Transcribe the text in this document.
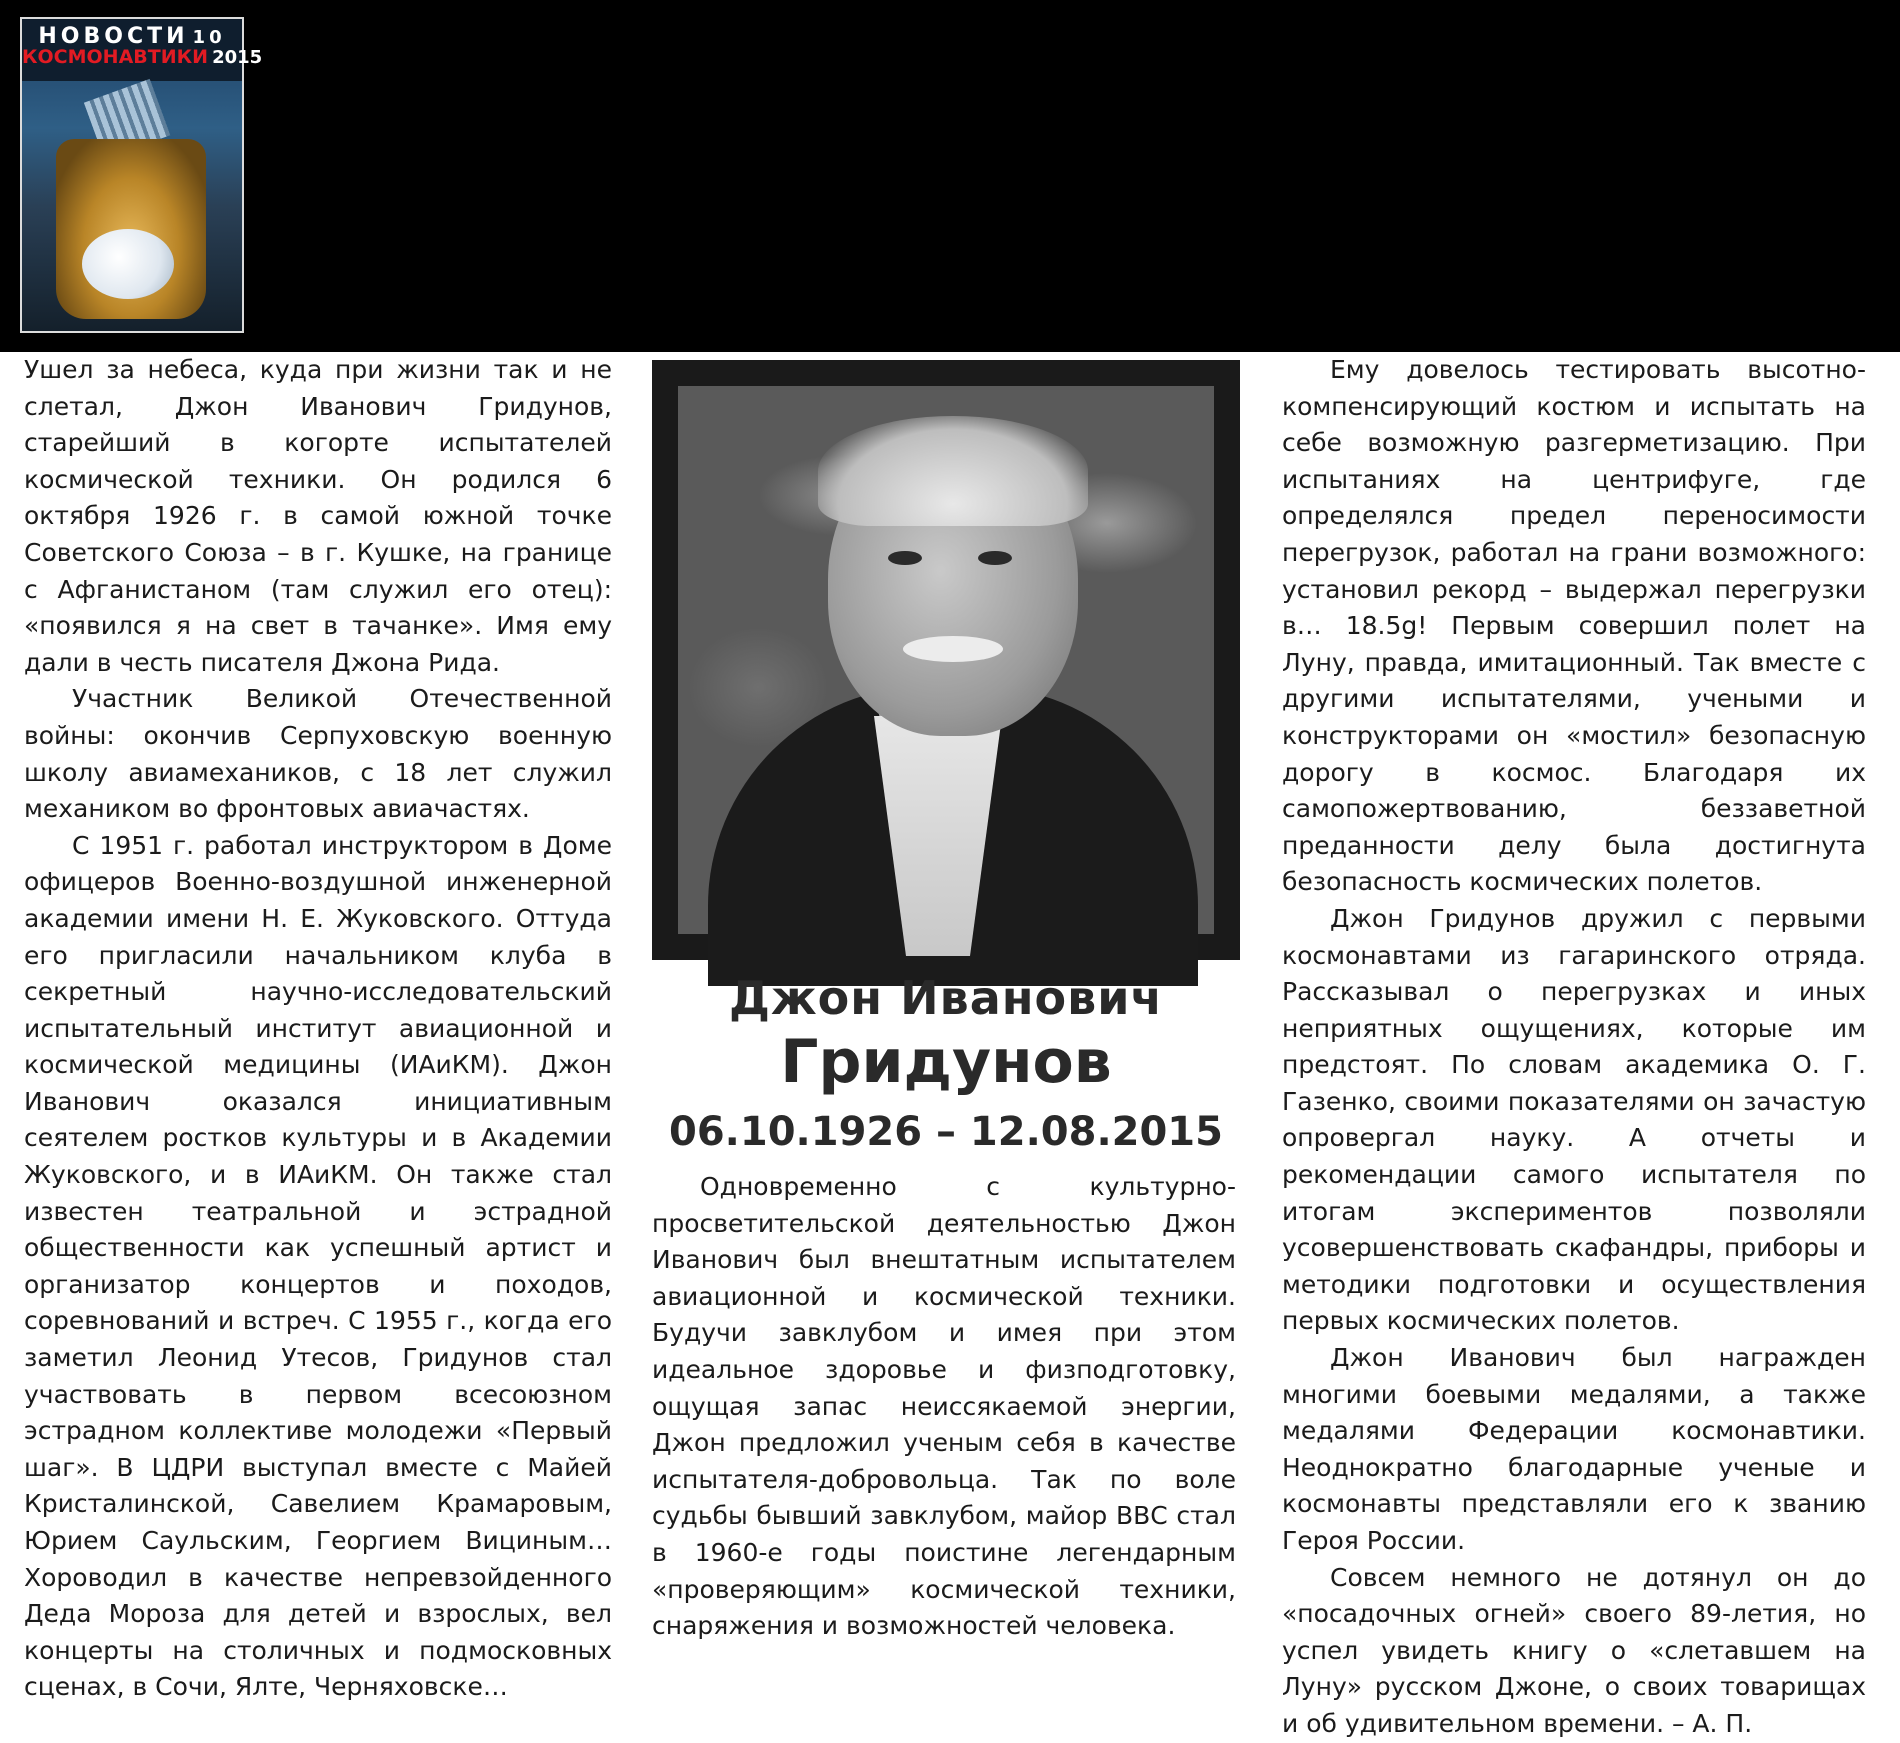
НОВОСТИ 10
КОСМОНАВТИКИ 2015

Ушел за небеса, куда при жизни так и не слетал, Джон Иванович Гридунов, старейший в когорте испытателей космической техники. Он родился 6 октября 1926 г. в самой южной точке Советского Союза – в г. Кушке, на границе с Афганистаном (там служил его отец): «появился я на свет в тачанке». Имя ему дали в честь писателя Джона Рида.

Участник Великой Отечественной войны: окончив Серпуховскую военную школу авиамехаников, с 18 лет служил механиком во фронтовых авиачастях.

С 1951 г. работал инструктором в Доме офицеров Военно-воздушной инженерной академии имени Н. Е. Жуковского. Оттуда его пригласили начальником клуба в секретный научно-исследовательский испытательный институт авиационной и космической медицины (ИАиКМ). Джон Иванович оказался инициативным сеятелем ростков культуры и в Академии Жуковского, и в ИАиКМ. Он также стал известен театральной и эстрадной общественности как успешный артист и организатор концертов и походов, соревнований и встреч. С 1955 г., когда его заметил Леонид Утесов, Гридунов стал участвовать в первом всесоюзном эстрадном коллективе молодежи «Первый шаг». В ЦДРИ выступал вместе с Майей Кристалинской, Савелием Крамаровым, Юрием Саульским, Георгием Вициным… Хороводил в качестве непревзойденного Деда Мороза для детей и взрослых, вел концерты на столичных и подмосковных сценах, в Сочи, Ялте, Черняховске…

Джон Иванович
Гридунов
06.10.1926 – 12.08.2015

Одновременно с культурно-просветительской деятельностью Джон Иванович был внештатным испытателем авиационной и космической техники. Будучи завклубом и имея при этом идеальное здоровье и физподготовку, ощущая запас неиссякаемой энергии, Джон предложил ученым себя в качестве испытателя-добровольца. Так по воле судьбы бывший завклубом, майор ВВС стал в 1960-е годы поистине легендарным «проверяющим» космической техники, снаряжения и возможностей человека.

Ему довелось тестировать высотно-компенсирующий костюм и испытать на себе возможную разгерметизацию. При испытаниях на центрифуге, где определялся предел переносимости перегрузок, работал на грани возможного: установил рекорд – выдержал перегрузки в… 18.5g! Первым совершил полет на Луну, правда, имитационный. Так вместе с другими испытателями, учеными и конструкторами он «мостил» безопасную дорогу в космос. Благодаря их самопожертвованию, беззаветной преданности делу была достигнута безопасность космических полетов.

Джон Гридунов дружил с первыми космонавтами из гагаринского отряда. Рассказывал о перегрузках и иных неприятных ощущениях, которые им предстоят. По словам академика О. Г. Газенко, своими показателями он зачастую опровергал науку. А отчеты и рекомендации самого испытателя по итогам экспериментов позволяли усовершенствовать скафандры, приборы и методики подготовки и осуществления первых космических полетов.

Джон Иванович был награжден многими боевыми медалями, а также медалями Федерации космонавтики. Неоднократно благодарные ученые и космонавты представляли его к званию Героя России.

Совсем немного не дотянул он до «посадочных огней» своего 89-летия, но успел увидеть книгу о «слетавшем на Луну» русском Джоне, о своих товарищах и об удивительном времени. – А. П.
